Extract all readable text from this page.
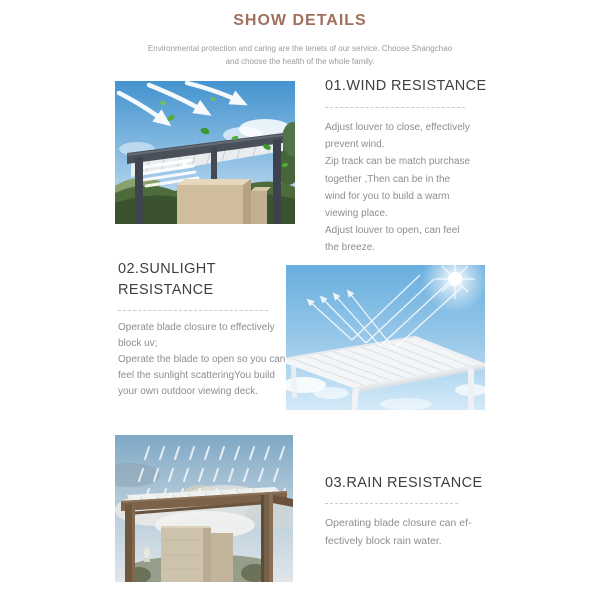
SHOW DETAILS
Environmental protection and caring are the tenets of our service. Choose Shangchao
and choose the health of the whole family.
01.WIND RESISTANCE
Adjust louver to close, effectively
prevent wind.
Zip track can be match purchase
together ,Then can be in the
wind for you to build a warm
viewing place.
Adjust louver to open, can feel
the breeze.
02.SUNLIGHT
RESISTANCE
Operate blade closure to effectively
block uv;
Operate the blade to open so you can
feel the sunlight scatteringYou build
your own outdoor viewing deck.
03.RAIN RESISTANCE
Operating blade closure can ef-
fectively block rain water.
